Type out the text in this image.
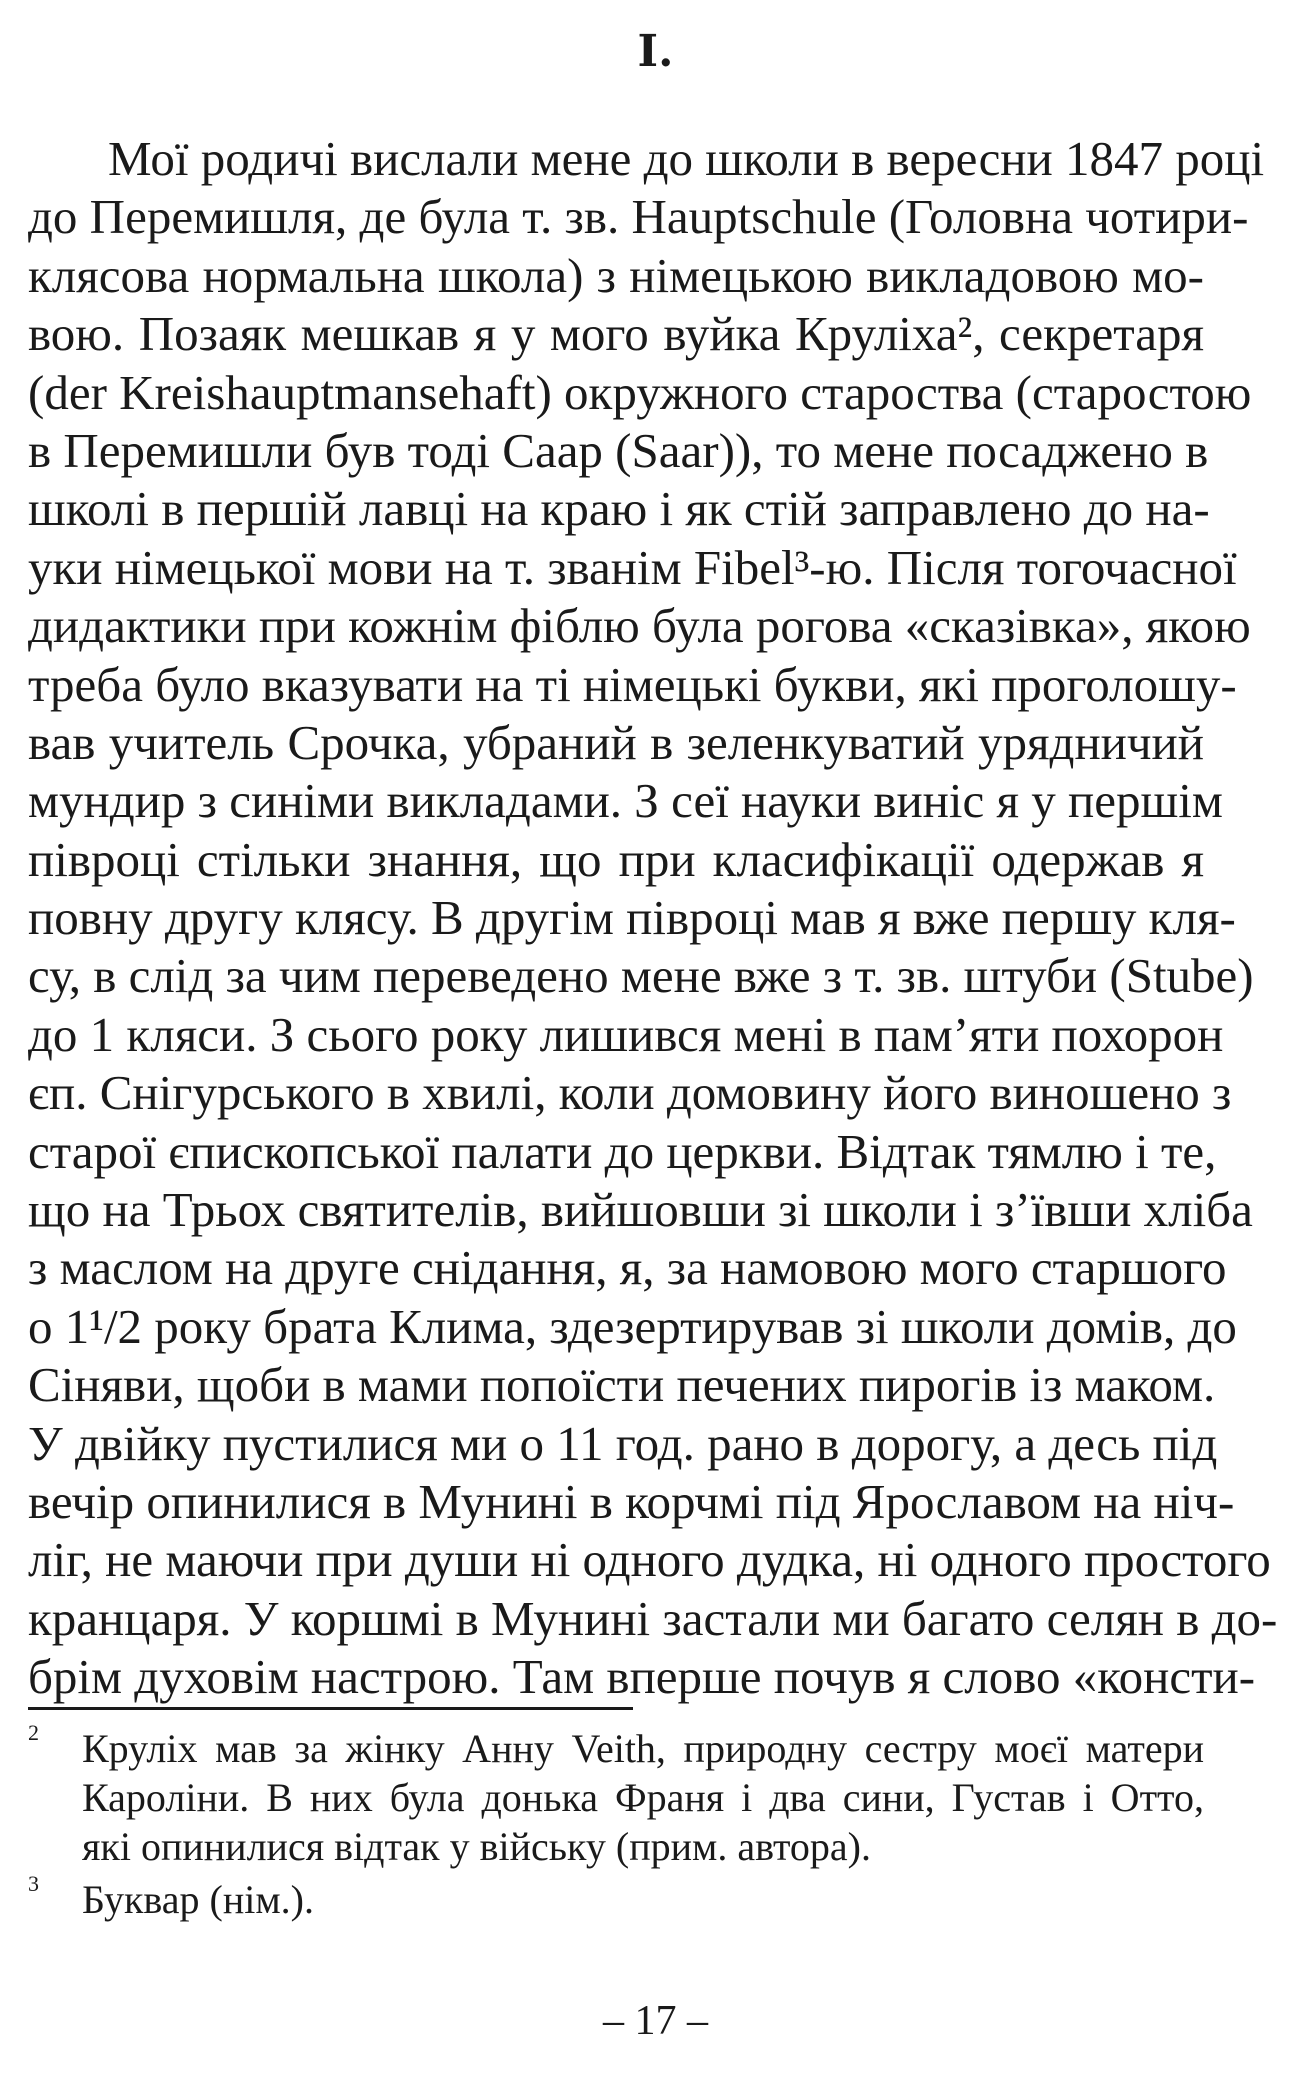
I.
Мої родичі вислали мене до школи в вересни 1847 році
до Перемишля, де була т. зв. Hauptschule (Головна чотири-
клясова нормальна школа) з німецькою викладовою мо-
вою. Позаяк мешкав я у мого вуйка Круліха², секретаря
(der Kreishauptmansehaft) окружного староства (старостою
в Перемишли був тоді Саар (Saar)), то мене посаджено в
школі в першій лавці на краю і як стій заправлено до на-
уки німецької мови на т. званім Fibel³-ю. Після тогочасної
дидактики при кожнім фіблю була рогова «сказівка», якою
треба було вказувати на ті німецькі букви, які проголошу-
вав учитель Срочка, убраний в зеленкуватий урядничий
мундир з синіми викладами. З сеї науки виніс я у першім
півроці стільки знання, що при класифікації одержав я
повну другу клясу. В другім півроці мав я вже першу кля-
су, в слід за чим переведено мене вже з т. зв. штуби (Stube)
до 1 кляси. З сього року лишився мені в пам’яти похорон
єп. Снігурського в хвилі, коли домовину його виношено з
старої єпископської палати до церкви. Відтак тямлю і те,
що на Трьох святителів, вийшовши зі школи і з’ївши хліба
з маслом на друге снідання, я, за намовою мого старшого
о 1¹/2 року брата Клима, здезертирував зі школи домів, до
Сіняви, щоби в мами попоїсти печених пирогів із маком.
У двійку пустилися ми о 11 год. рано в дорогу, а десь під
вечір опинилися в Мунині в корчмі під Ярославом на ніч-
ліг, не маючи при души ні одного дудка, ні одного простого
кранцаря. У коршмі в Мунині застали ми багато селян в до-
брім духовім настрою. Там вперше почув я слово «консти-
2 Круліх мав за жінку Анну Veith, природну сестру моєї матери
Кароліни. В них була донька Франя і два сини, Густав і Отто,
які опинилися відтак у війську (прим. автора).
3 Буквар (нім.).
– 17 –
